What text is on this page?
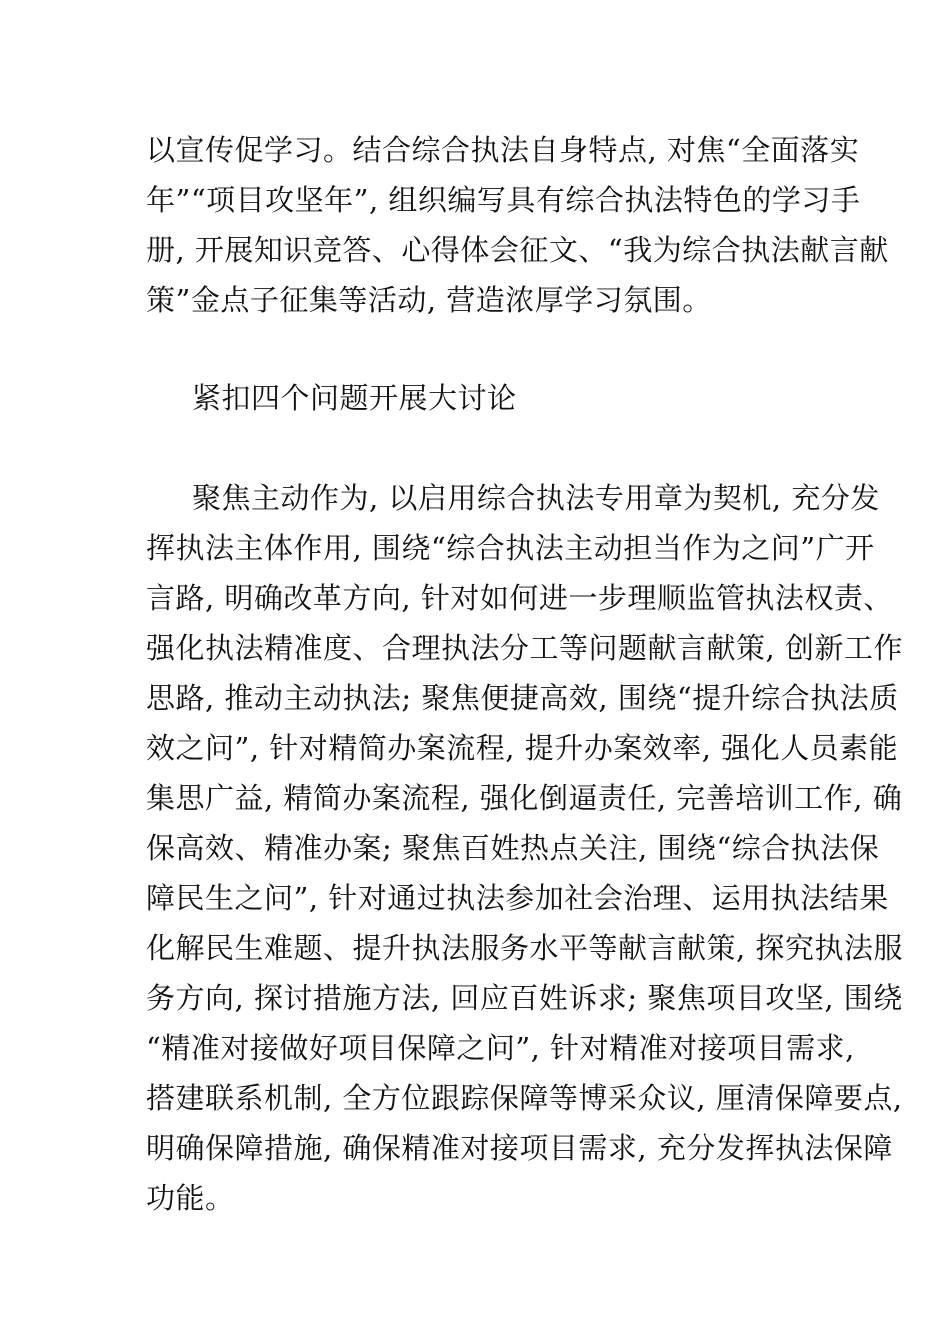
以宣传促学习。结合综合执法自身特点, 对焦“全面落实
年”“项目攻坚年”, 组织编写具有综合执法特色的学习手
册, 开展知识竞答、心得体会征文、“我为综合执法献言献
策”金点子征集等活动, 营造浓厚学习氛围。
紧扣四个问题开展大讨论
聚焦主动作为, 以启用综合执法专用章为契机, 充分发
挥执法主体作用, 围绕“综合执法主动担当作为之问”广开
言路, 明确改革方向, 针对如何进一步理顺监管执法权责、
强化执法精准度、合理执法分工等问题献言献策, 创新工作
思路, 推动主动执法; 聚焦便捷高效, 围绕“提升综合执法质
效之问”, 针对精简办案流程, 提升办案效率, 强化人员素能
集思广益, 精简办案流程, 强化倒逼责任, 完善培训工作, 确
保高效、精准办案; 聚焦百姓热点关注, 围绕“综合执法保
障民生之问”, 针对通过执法参加社会治理、运用执法结果
化解民生难题、提升执法服务水平等献言献策, 探究执法服
务方向, 探讨措施方法, 回应百姓诉求; 聚焦项目攻坚, 围绕
“精准对接做好项目保障之问”, 针对精准对接项目需求,
搭建联系机制, 全方位跟踪保障等博采众议, 厘清保障要点,
明确保障措施, 确保精准对接项目需求, 充分发挥执法保障
功能。
